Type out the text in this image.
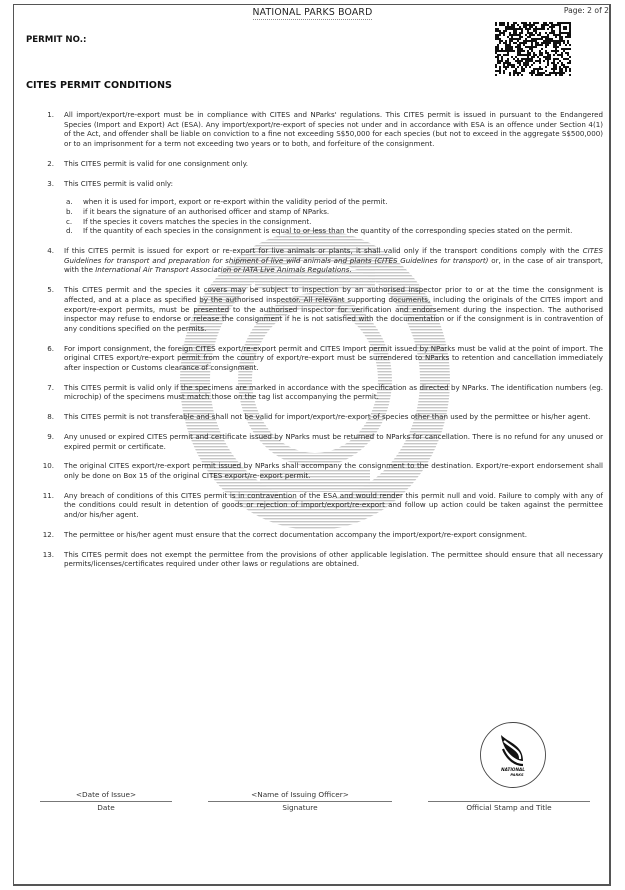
NATIONAL PARKS BOARD	Page: 2 of 2
PERMIT NO.:
CITES PERMIT CONDITIONS
1. All import/export/re-export must be in compliance with CITES and NParks' regulations. This CITES permit is issued in pursuant to the Endangered Species (Import and Export) Act (ESA). Any import/export/re-export of species not under and in accordance with ESA is an offence under Section 4(1) of the Act, and offender shall be liable on conviction to a fine not exceeding S$50,000 for each species (but not to exceed in the aggregate S$500,000) or to an imprisonment for a term not exceeding two years or to both, and forfeiture of the consignment.
2. This CITES permit is valid for one consignment only.
3. This CITES permit is valid only:
a. when it is used for import, export or re-export within the validity period of the permit.
b. if it bears the signature of an authorised officer and stamp of NParks.
c. If the species it covers matches the species in the consignment.
d. If the quantity of each species in the consignment is equal to or less than the quantity of the corresponding species stated on the permit.
4. If this CITES permit is issued for export or re-export for live animals or plants, it shall valid only if the transport conditions comply with the CITES Guidelines for transport and preparation for shipment of live wild animals and plants (CITES Guidelines for transport) or, in the case of air transport, with the International Air Transport Association or IATA Live Animals Regulations.
5. This CITES permit and the species it covers may be subject to inspection by an authorised inspector prior to or at the time the consignment is affected, and at a place as specified by the authorised inspector. All relevant supporting documents, including the originals of the CITES import and export/re-export permits, must be presented to the authorised inspector for verification and endorsement during the inspection. The authorised inspector may refuse to endorse or release the consignment if he is not satisfied with the documentation or if the consignment is in contravention of any conditions specified on the permits.
6. For import consignment, the foreign CITES export/re-export permit and CITES Import permit issued by NParks must be valid at the point of import. The original CITES export/re-export permit from the country of export/re-export must be surrendered to NParks to retention and cancellation immediately after inspection or Customs clearance of consignment.
7. This CITES permit is valid only if the specimens are marked in accordance with the specification as directed by NParks. The identification numbers (eg. microchip) of the specimens must match those on the tag list accompanying the permit.
8. This CITES permit is not transferable and shall not be valid for import/export/re-export of species other than used by the permittee or his/her agent.
9. Any unused or expired CITES permit and certificate issued by NParks must be returned to NParks for cancellation. There is no refund for any unused or expired permit or certificate.
10. The original CITES export/re-export permit issued by NParks shall accompany the consignment to the destination. Export/re-export endorsement shall only be done on Box 15 of the original CITES export/re-export permit.
11. Any breach of conditions of this CITES permit is in contravention of the ESA and would render this permit null and void. Failure to comply with any of the conditions could result in detention of goods or rejection of import/export/re-export and follow up action could be taken against the permittee and/or his/her agent.
12. The permittee or his/her agent must ensure that the correct documentation accompany the import/export/re-export consignment.
13. This CITES permit does not exempt the permittee from the provisions of other applicable legislation. The permittee should ensure that all necessary permits/licenses/certificates required under other laws or regulations are obtained.
<Date of Issue>
Date
<Name of Issuing Officer>
Signature	Official Stamp and Title
NATIONAL
PARKS
